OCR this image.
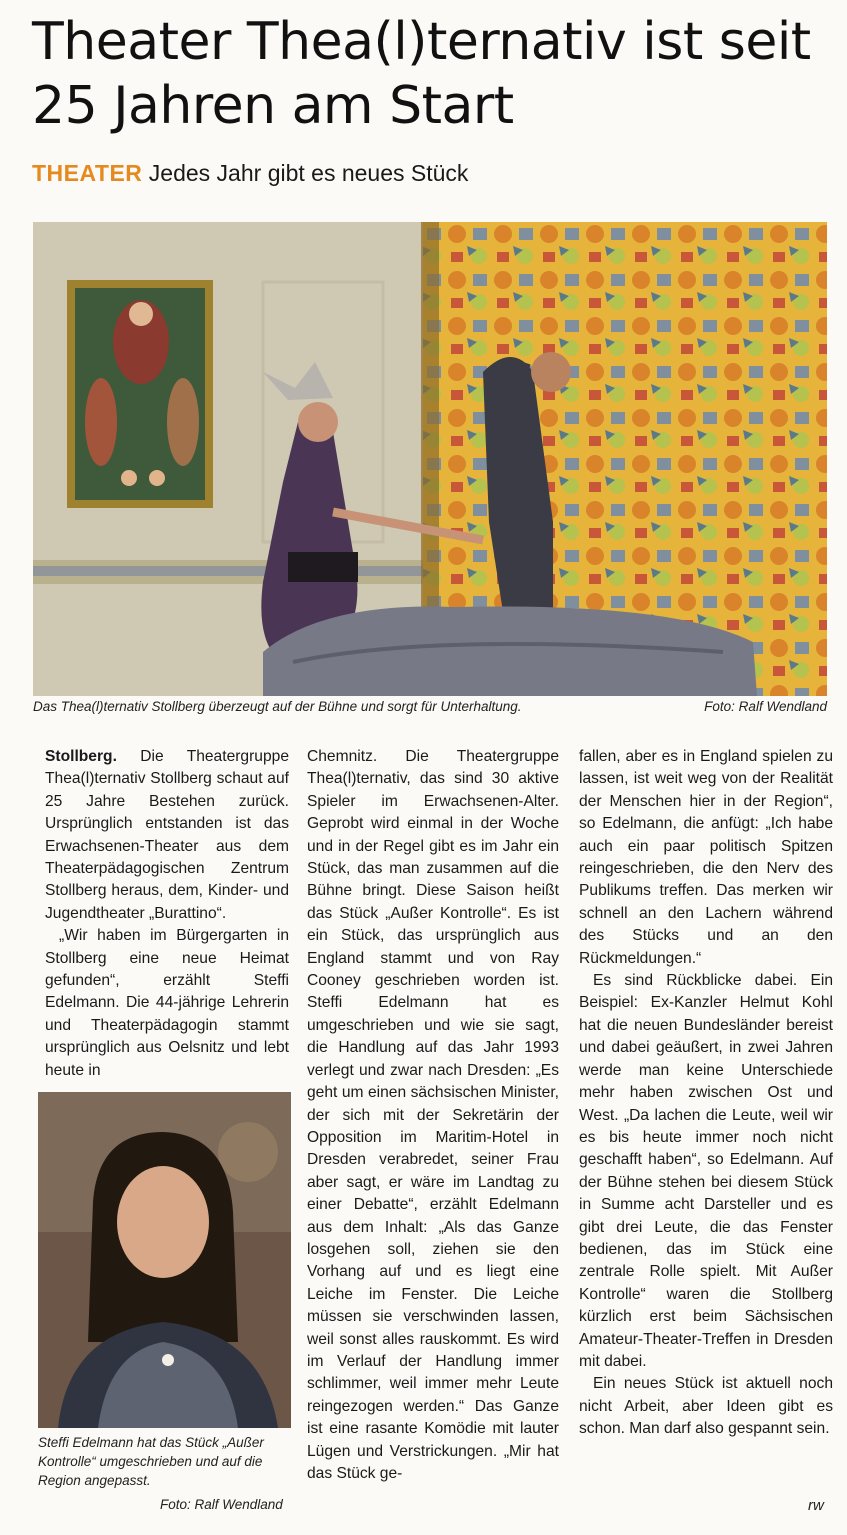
Theater Thea(l)ternativ ist seit 25 Jahren am Start
THEATER Jedes Jahr gibt es neues Stück
Das Thea(l)ternativ Stollberg überzeugt auf der Bühne und sorgt für Unterhaltung.	Foto: Ralf Wendland

Stollberg. Die Theatergruppe Thea(l)ternativ Stollberg schaut auf 25 Jahre Bestehen zurück. Ursprünglich entstanden ist das Erwachsenen-Theater aus dem Theaterpädagogischen Zentrum Stollberg heraus, dem, Kinder- und Jugendtheater „Burattino“.

„Wir haben im Bürgergarten in Stollberg eine neue Heimat gefunden“, erzählt Steffi Edelmann. Die 44-jährige Lehrerin und Theaterpädagogin stammt ursprünglich aus Oelsnitz und lebt heute in

Steffi Edelmann hat das Stück „Außer Kontrolle“ umgeschrieben und auf die Region angepasst.
Foto: Ralf Wendland

Chemnitz. Die Theatergruppe Thea(l)ternativ, das sind 30 aktive Spieler im Erwachsenen-Alter. Geprobt wird einmal in der Woche und in der Regel gibt es im Jahr ein Stück, das man zusammen auf die Bühne bringt. Diese Saison heißt das Stück „Außer Kontrolle“. Es ist ein Stück, das ursprünglich aus England stammt und von Ray Cooney geschrieben worden ist. Steffi Edelmann hat es umgeschrieben und wie sie sagt, die Handlung auf das Jahr 1993 verlegt und zwar nach Dresden: „Es geht um einen sächsischen Minister, der sich mit der Sekretärin der Opposition im Maritim-Hotel in Dresden verabredet, seiner Frau aber sagt, er wäre im Landtag zu einer Debatte“, erzählt Edelmann aus dem Inhalt: „Als das Ganze losgehen soll, ziehen sie den Vorhang auf und es liegt eine Leiche im Fenster. Die Leiche müssen sie verschwinden lassen, weil sonst alles rauskommt. Es wird im Verlauf der Handlung immer schlimmer, weil immer mehr Leute reingezogen werden.“ Das Ganze ist eine rasante Komödie mit lauter Lügen und Verstrickungen. „Mir hat das Stück ge-

fallen, aber es in England spielen zu lassen, ist weit weg von der Realität der Menschen hier in der Region“, so Edelmann, die anfügt: „Ich habe auch ein paar politisch Spitzen reingeschrieben, die den Nerv des Publikums treffen. Das merken wir schnell an den Lachern während des Stücks und an den Rückmeldungen.“

Es sind Rückblicke dabei. Ein Beispiel: Ex-Kanzler Helmut Kohl hat die neuen Bundesländer bereist und dabei geäußert, in zwei Jahren werde man keine Unterschiede mehr haben zwischen Ost und West. „Da lachen die Leute, weil wir es bis heute immer noch nicht geschafft haben“, so Edelmann. Auf der Bühne stehen bei diesem Stück in Summe acht Darsteller und es gibt drei Leute, die das Fenster bedienen, das im Stück eine zentrale Rolle spielt. Mit Außer Kontrolle“ waren die Stollberg kürzlich erst beim Sächsischen Amateur-Theater-Treffen in Dresden mit dabei.

Ein neues Stück ist aktuell noch nicht Arbeit, aber Ideen gibt es schon. Man darf also gespannt sein.

rw
